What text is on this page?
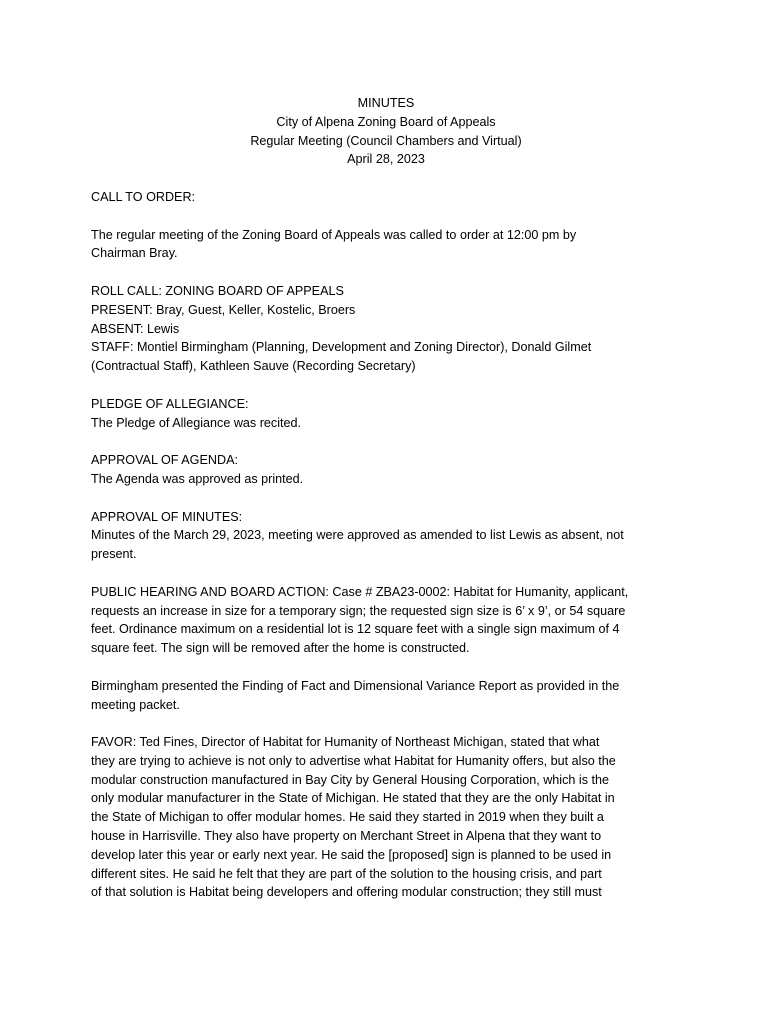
MINUTES
City of Alpena Zoning Board of Appeals
Regular Meeting (Council Chambers and Virtual)
April 28, 2023
CALL TO ORDER:
The regular meeting of the Zoning Board of Appeals was called to order at 12:00 pm by
Chairman Bray.
ROLL CALL: ZONING BOARD OF APPEALS
PRESENT: Bray, Guest, Keller, Kostelic, Broers
ABSENT: Lewis
STAFF: Montiel Birmingham (Planning, Development and Zoning Director), Donald Gilmet
(Contractual Staff), Kathleen Sauve (Recording Secretary)
PLEDGE OF ALLEGIANCE:
The Pledge of Allegiance was recited.
APPROVAL OF AGENDA:
The Agenda was approved as printed.
APPROVAL OF MINUTES:
Minutes of the March 29, 2023, meeting were approved as amended to list Lewis as absent, not
present.
PUBLIC HEARING AND BOARD ACTION: Case # ZBA23-0002: Habitat for Humanity, applicant,
requests an increase in size for a temporary sign; the requested sign size is 6’ x 9’, or 54 square
feet. Ordinance maximum on a residential lot is 12 square feet with a single sign maximum of 4
square feet. The sign will be removed after the home is constructed.
Birmingham presented the Finding of Fact and Dimensional Variance Report as provided in the
meeting packet.
FAVOR: Ted Fines, Director of Habitat for Humanity of Northeast Michigan, stated that what
they are trying to achieve is not only to advertise what Habitat for Humanity offers, but also the
modular construction manufactured in Bay City by General Housing Corporation, which is the
only modular manufacturer in the State of Michigan. He stated that they are the only Habitat in
the State of Michigan to offer modular homes. He said they started in 2019 when they built a
house in Harrisville. They also have property on Merchant Street in Alpena that they want to
develop later this year or early next year. He said the [proposed] sign is planned to be used in
different sites. He said he felt that they are part of the solution to the housing crisis, and part
of that solution is Habitat being developers and offering modular construction; they still must
